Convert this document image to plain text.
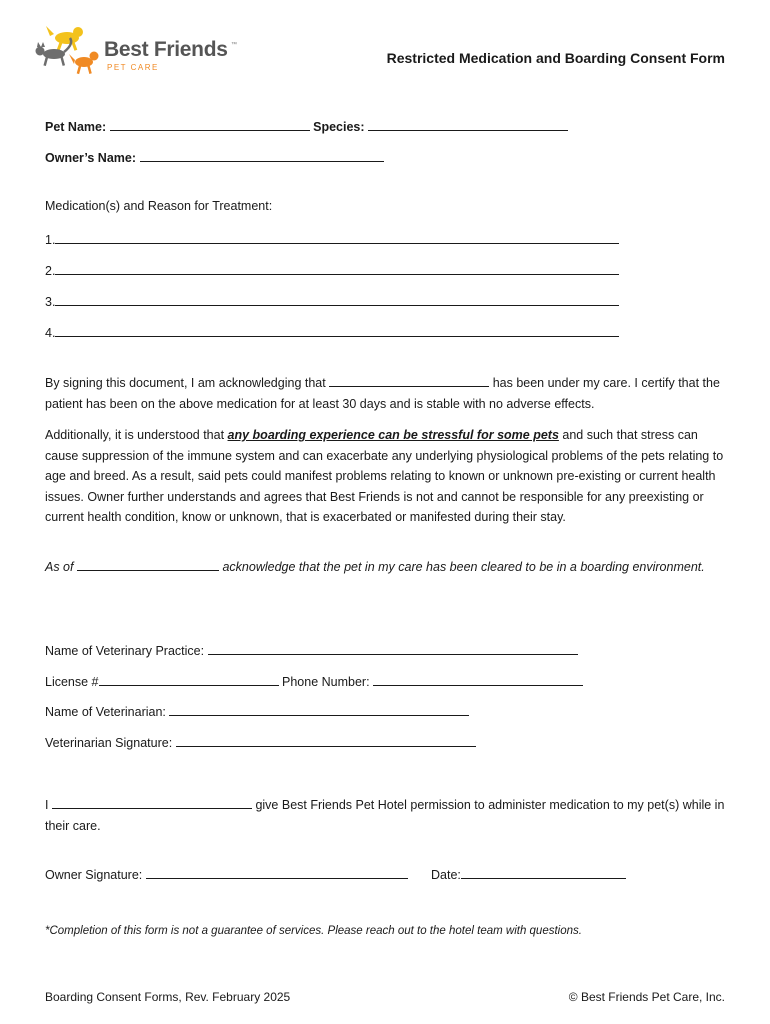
Best Friends ™
PET CARE
Restricted Medication and Boarding Consent Form
Pet Name:	Species:
Owner’s Name:
Medication(s) and Reason for Treatment:
1.
2.
3.
4.
By signing this document, I am acknowledging that	has been under my care. I certify that the patient has been on the above medication for at least 30 days and is stable with no adverse effects.
Additionally, it is understood that any boarding experience can be stressful for some pets and such that stress can cause suppression of the immune system and can exacerbate any underlying physiological problems of the pets relating to age and breed. As a result, said pets could manifest problems relating to known or unknown pre-existing or current health issues. Owner further understands and agrees that Best Friends is not and cannot be responsible for any preexisting or current health condition, know or unknown, that is exacerbated or manifested during their stay.
As of	acknowledge that the pet in my care has been cleared to be in a boarding environment.
Name of Veterinary Practice:
License #	Phone Number:
Name of Veterinarian:
Veterinarian Signature:
I	give Best Friends Pet Hotel permission to administer medication to my pet(s) while in their care.
Owner Signature:	Date:
*Completion of this form is not a guarantee of services. Please reach out to the hotel team with questions.
Boarding Consent Forms, Rev. February 2025	© Best Friends Pet Care, Inc.
